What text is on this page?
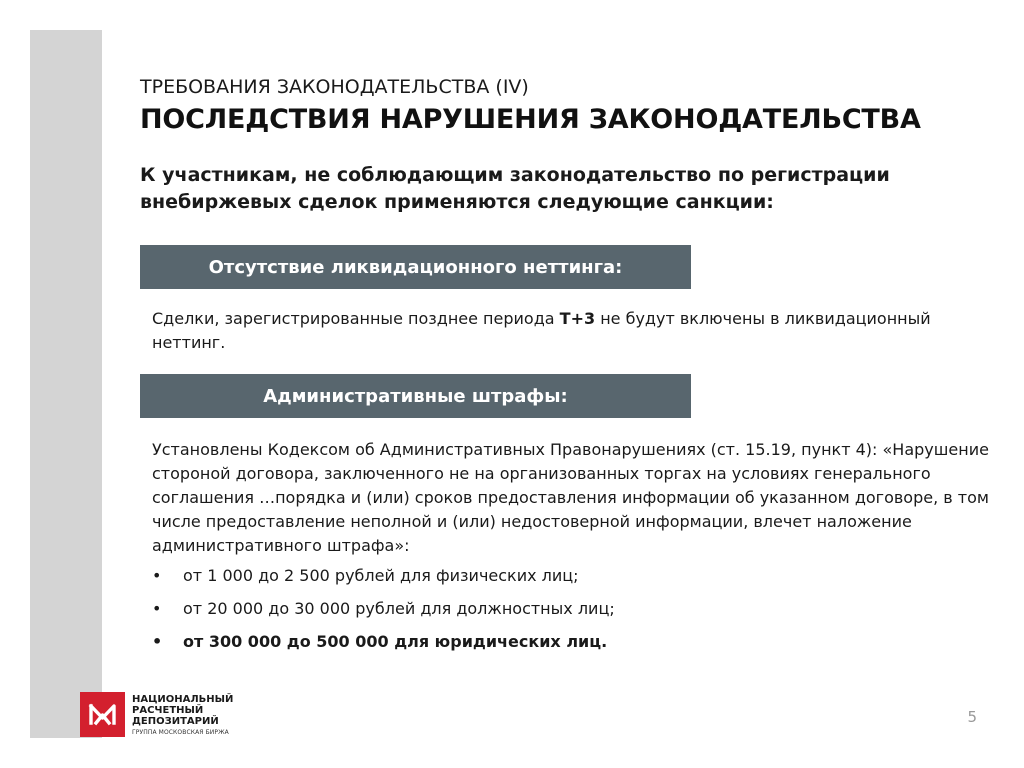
ТРЕБОВАНИЯ ЗАКОНОДАТЕЛЬСТВА (IV)
ПОСЛЕДСТВИЯ НАРУШЕНИЯ ЗАКОНОДАТЕЛЬСТВА
К участникам, не соблюдающим законодательство по регистрации внебиржевых сделок применяются следующие санкции:
Отсутствие ликвидационного неттинга:
Сделки, зарегистрированные позднее периода Т+3 не будут включены в ликвидационный неттинг.
Административные штрафы:
Установлены Кодексом об Административных Правонарушениях (ст. 15.19, пункт 4): «Нарушение стороной договора, заключенного не на организованных торгах на условиях генерального соглашения …порядка и (или) сроков предоставления информации об указанном договоре, в том числе предоставление неполной и (или) недостоверной информации, влечет наложение административного штрафа»:
•	от 1 000 до 2 500 рублей для физических лиц;
•	от 20 000 до 30 000 рублей для должностных лиц;
•	от 300 000 до 500 000 для юридических лиц.
НАЦИОНАЛЬНЫЙ
РАСЧЕТНЫЙ
ДЕПОЗИТАРИЙ
ГРУППА МОСКОВСКАЯ БИРЖА
5
